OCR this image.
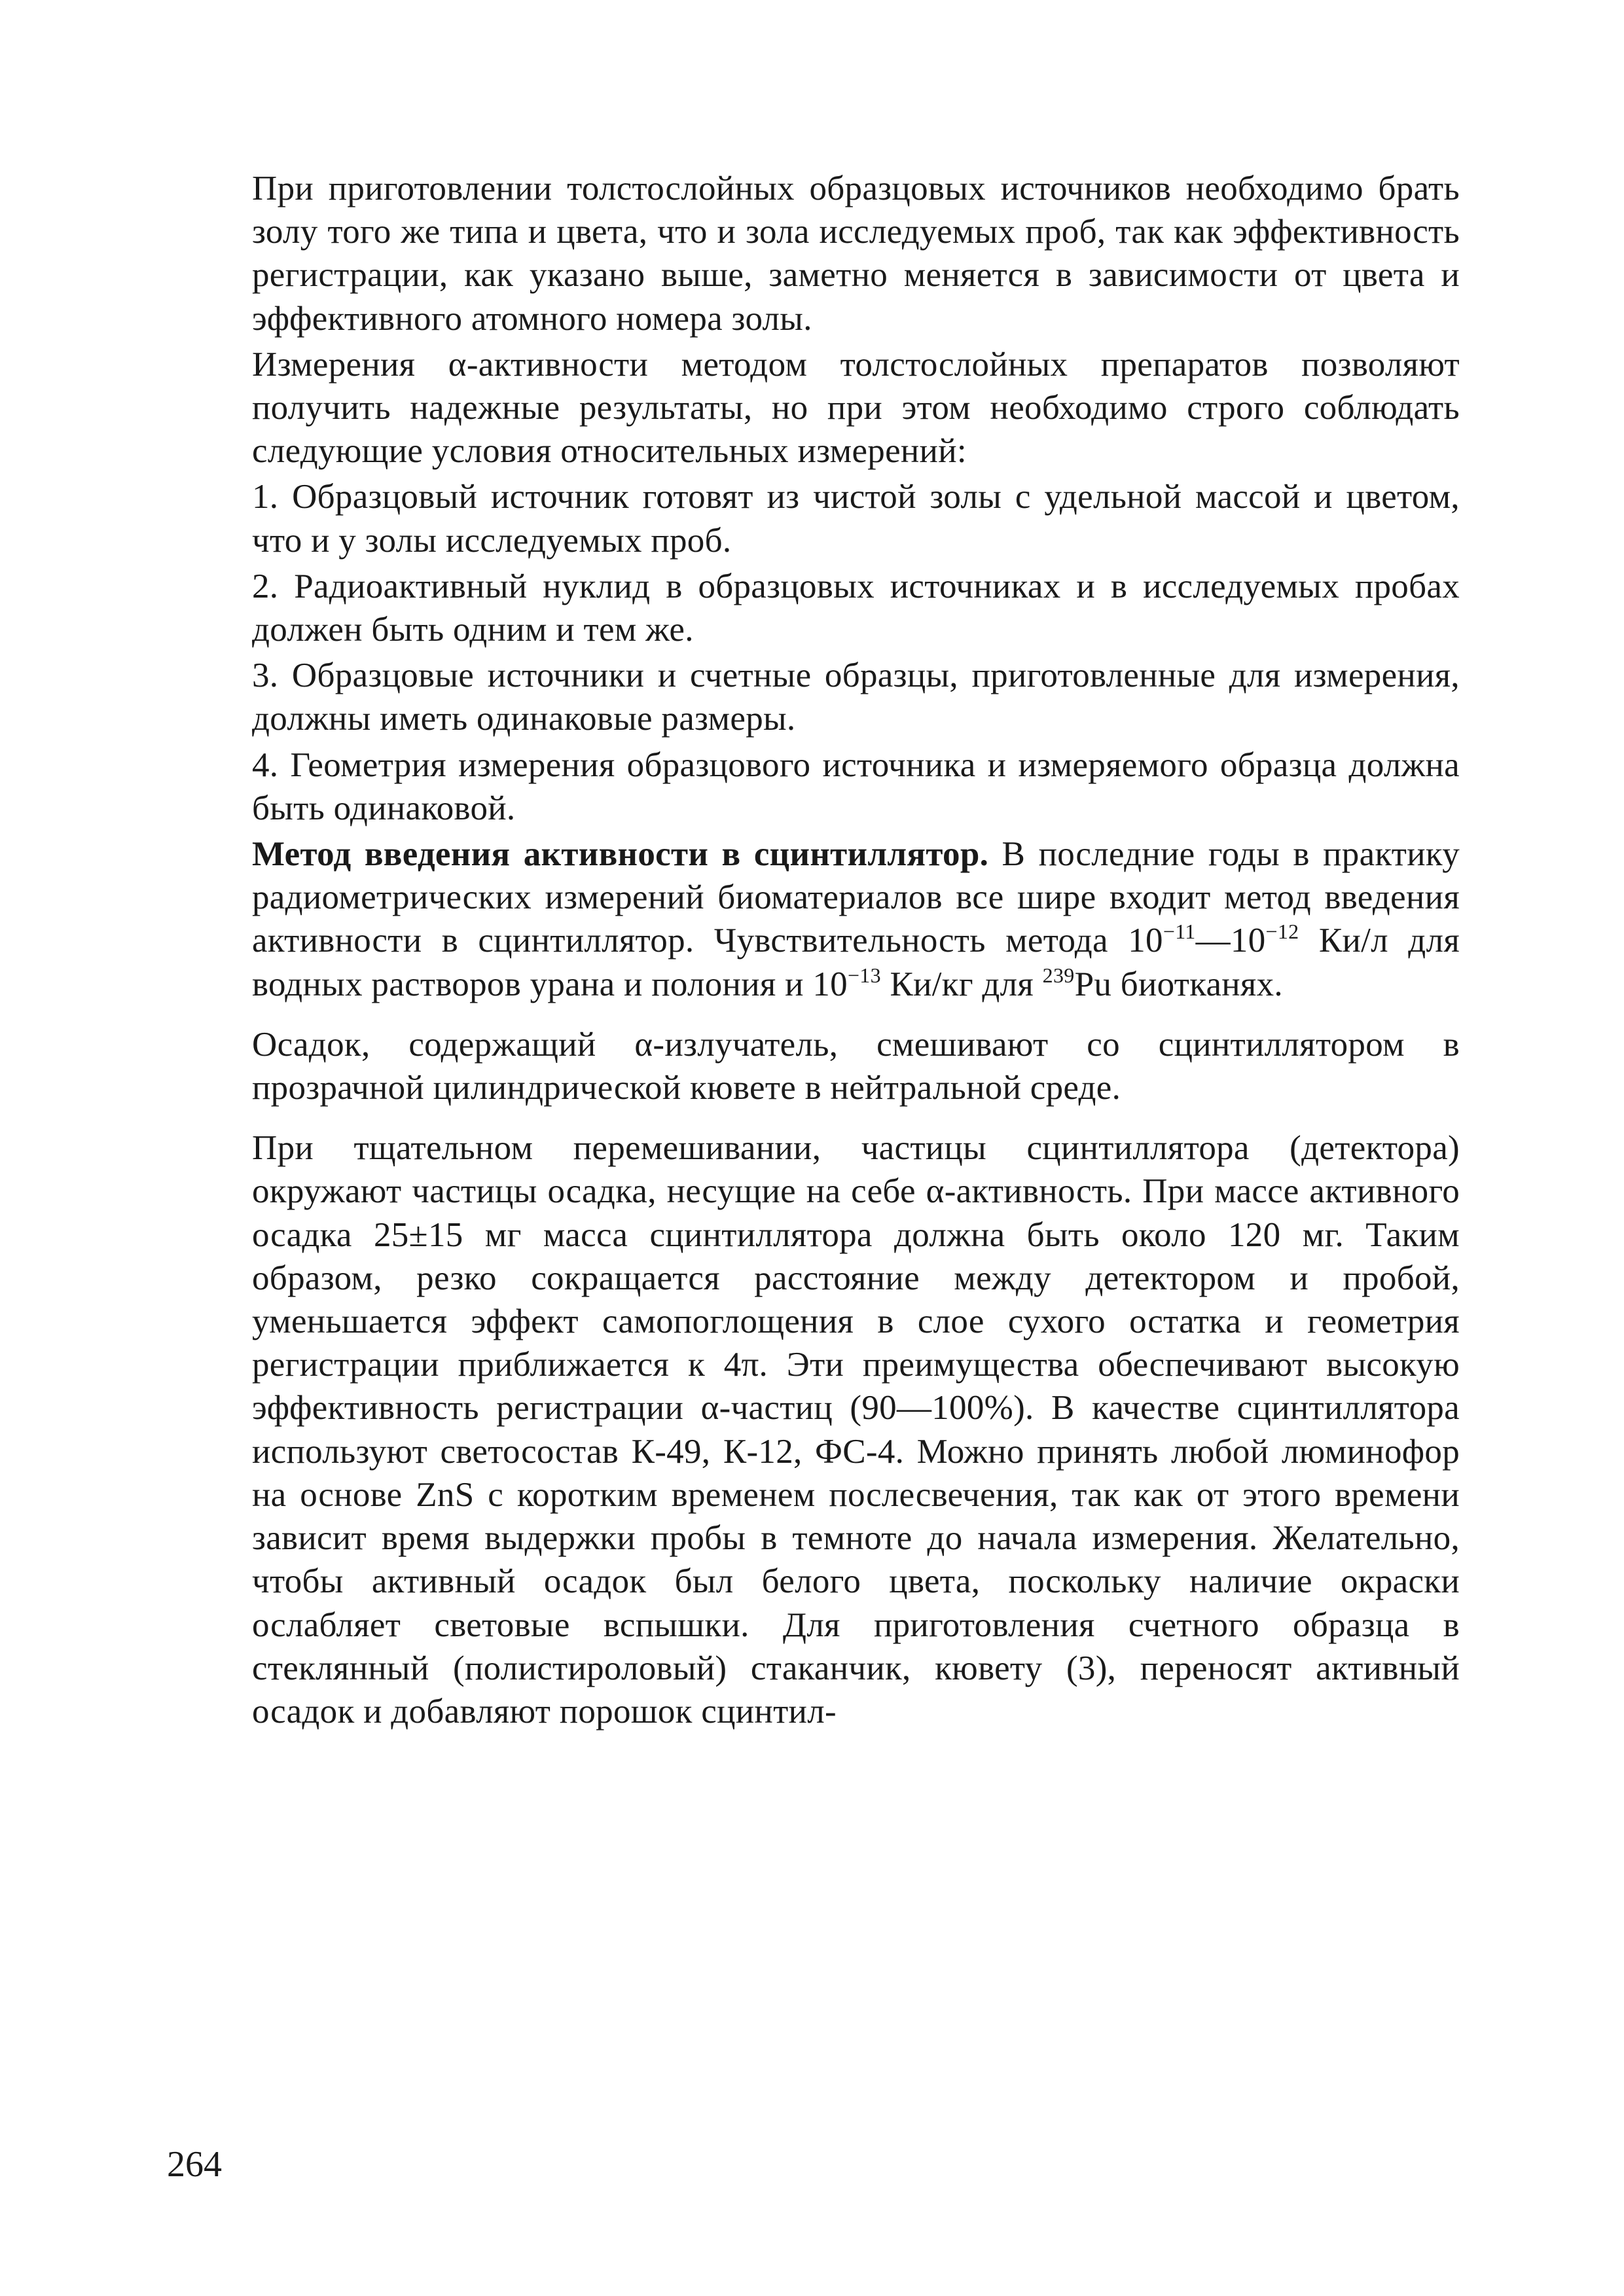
При приготовлении толстослойных образцовых источников необходимо брать золу того же типа и цвета, что и зола исследуемых проб, так как эффективность регистрации, как указано выше, заметно меняется в зависимости от цвета и эффективного атомного номера золы.

Измерения α-активности методом толстослойных препаратов позволяют получить надежные результаты, но при этом необходимо строго соблюдать следующие условия относительных измерений:

1. Образцовый источник готовят из чистой золы с удельной массой и цветом, что и у золы исследуемых проб.

2. Радиоактивный нуклид в образцовых источниках и в исследуемых пробах должен быть одним и тем же.

3. Образцовые источники и счетные образцы, приготовленные для измерения, должны иметь одинаковые размеры.

4. Геометрия измерения образцового источника и измеряемого образца должна быть одинаковой.

Метод введения активности в сцинтиллятор. В последние годы в практику радиометрических измерений биоматериалов все шире входит метод введения активности в сцинтиллятор. Чувствительность метода $10^{-11}—10^{-12}$ Ки/л для водных растворов урана и полония и $10^{-13}$ Ки/кг для $^{239}$Pu биотканях.

Осадок, содержащий α-излучатель, смешивают со сцинтиллятором в прозрачной цилиндрической кювете в нейтральной среде.

При тщательном перемешивании, частицы сцинтиллятора (детектора) окружают частицы осадка, несущие на себе α-активность. При массе активного осадка 25±15 мг масса сцинтиллятора должна быть около 120 мг. Таким образом, резко сокращается расстояние между детектором и пробой, уменьшается эффект самопоглощения в слое сухого остатка и геометрия регистрации приближается к 4π. Эти преимущества обеспечивают высокую эффективность регистрации α-частиц (90—100%). В качестве сцинтиллятора используют светосостав К-49, К-12, ФС-4. Можно принять любой люминофор на основе ZnS с коротким временем послесвечения, так как от этого времени зависит время выдержки пробы в темноте до начала измерения. Желательно, чтобы активный осадок был белого цвета, поскольку наличие окраски ослабляет световые вспышки. Для приготовления счетного образца в стеклянный (полистироловый) стаканчик, кювету (3), переносят активный осадок и добавляют порошок сцинтил-

264
